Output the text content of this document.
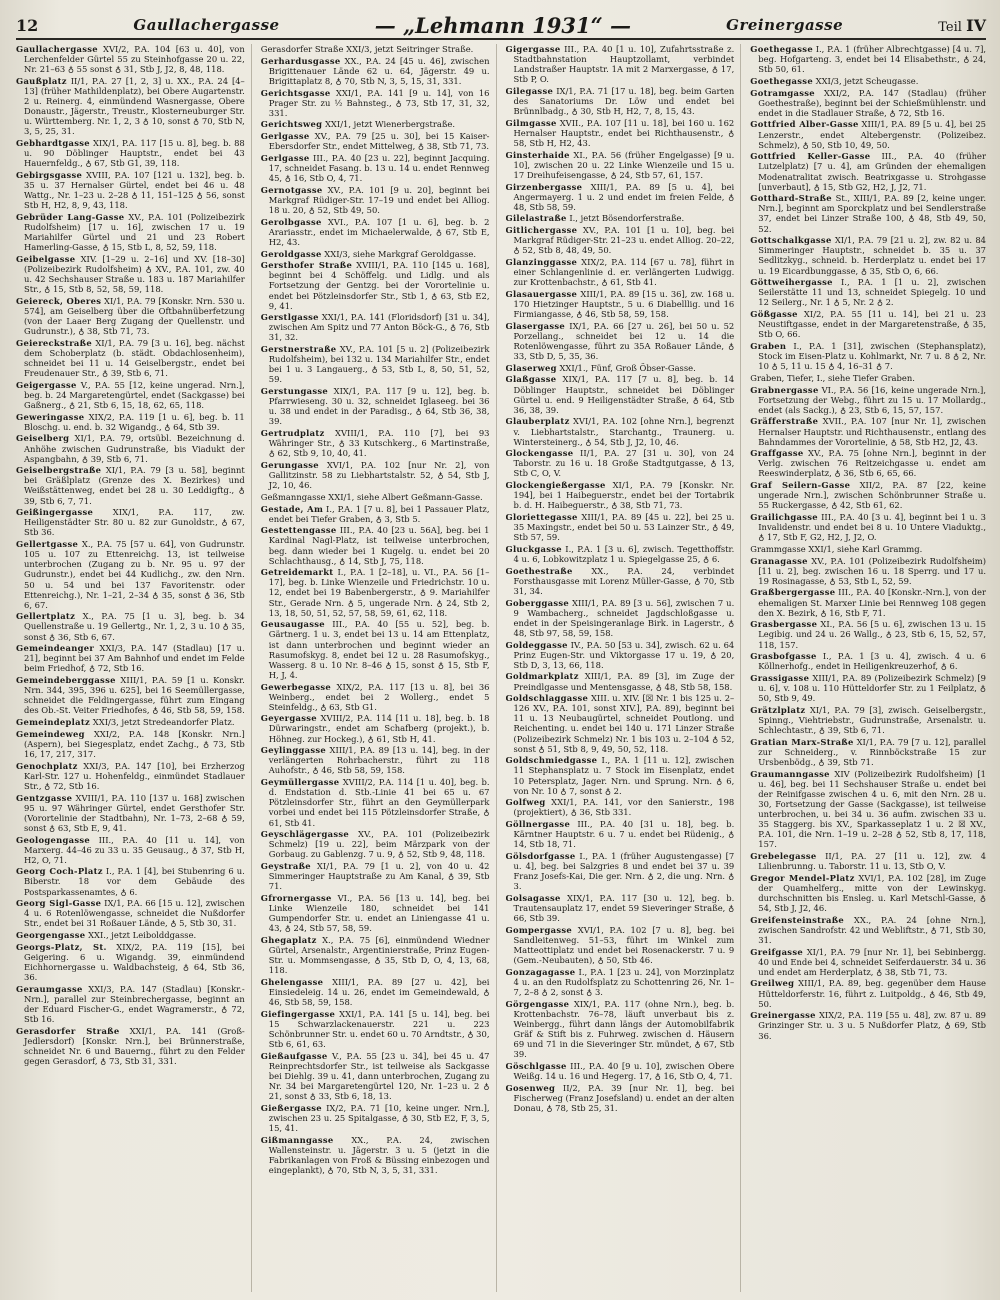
12	Gaullachergasse	— „Lehmann 1931“ —	Greinergasse	Teil IV

Gaullachergasse XVI/2, P.A. 104 [63 u. 40], von Lerchenfelder Gürtel 55 zu Steinhofgasse 20 u. 22, Nr. 21–63 ♁ 55 sonst ♁ 31, Stb J, J2, 8, 48, 118.

Gaußplatz II/1, P.A. 27 [1, 2, 3] u. XX., P.A. 24 [4–13] (früher Mathildenplatz), bei Obere Augartenstr. 2 u. Reinerg. 4, einmündend Wasnergasse, Obere Donaustr., Jägerstr., Treustr., Klosterneuburger Str. u. Württemberg. Nr. 1, 2, 3 ♁ 10, sonst ♁ 70, Stb N, 3, 5, 25, 31.

Gebhardtgasse XIX/1, P.A. 117 [15 u. 8], beg. b. 88 u. 90 Döblinger Hauptstr., endet bei 43 Hauernfeldg., ♁ 67, Stb G1, 39, 118.

Gebirgsgasse XVIII, P.A. 107 [121 u. 132], beg. b. 35 u. 37 Hernalser Gürtel, endet bei 46 u. 48 Wattg., Nr. 1–23 u. 2–28 ♁ 11, 151–125 ♁ 56, sonst Stb H, H2, 8, 9, 43, 118.

Gebrüder Lang-Gasse XV., P.A. 101 (Polizeibezirk Rudolfsheim) [17 u. 16], zwischen 17 u. 19 Mariahilfer Gürtel und 21 und 23 Robert Hamerling-Gasse, ♁ 15, Stb L, 8, 52, 59, 118.

Geibelgasse XIV. [1–29 u. 2–16] und XV. [18–30] (Polizeibezirk Rudolfsheim) ♁ XV., P.A. 101, zw. 40 u. 42 Sechshauser Straße u. 183 u. 187 Mariahilfer Str., ♁ 15, Stb 8, 52, 58, 59, 118.

Geiereck, Oberes XI/1, P.A. 79 [Konskr. Nrn. 530 u. 574], am Geiselberg über die Oftbahnüberfetzung (von der Laaer Berg Zugang der Quellenstr. und Gudrunstr.), ♁ 38, Stb 71, 73.

Geiereckstraße XI/1, P.A. 79 [3 u. 16], beg. nächst dem Schoberplatz (b. städt. Obdachlosenheim), schneidet bei 11 u. 14 Geiselbergstr., endet bei Freudenauer Str., ♁ 39, Stb 6, 71.

Geigergasse V., P.A. 55 [12, keine ungerad. Nrn.], beg. b. 24 Margaretengürtel, endet (Sackgasse) bei Gaßnerg., ♁ 21, Stb 6, 15, 18, 62, 65, 118.

Geweringasse XIX/2, P.A. 119 [1 u. 6], beg. b. 11 Bloschg. u. end. b. 32 Wigandg., ♁ 64, Stb 39.

Geiselberg XI/1, P.A. 79, ortsübl. Bezeichnung d. Anhöhe zwischen Gudrunstraße, bis Viadukt der Aspangbahn, ♁ 39, Stb 6, 71.

Geiselbergstraße XI/1, P.A. 79 [3 u. 58], beginnt bei Gräßlplatz (Grenze des X. Bezirkes) und Weißstättenweg, endet bei 28 u. 30 Leddigftg., ♁ 39, Stb 6, 7, 71.

Geißingergasse XIX/1, P.A. 117, zw. Heiligenstädter Str. 80 u. 82 zur Gunoldstr., ♁ 67, Stb 36.

Gellertgasse X., P.A. 75 [57 u. 64], von Gudrunstr. 105 u. 107 zu Ettenreichg. 13, ist teilweise unterbrochen (Zugang zu b. Nr. 95 u. 97 der Gudrunstr.), endet bei 44 Kudlichg., zw. den Nrn. 50 u. 54 und bei 137 Favoritenstr. oder Ettenreichg.), Nr. 1–21, 2–34 ♁ 35, sonst ♁ 36, Stb 6, 67.

Gellertplatz X., P.A. 75 [1 u. 3], beg. b. 34 Quellenstraße u. 19 Gellertg., Nr. 1, 2, 3 u. 10 ♁ 35, sonst ♁ 36, Stb 6, 67.

Gemeindeanger XXI/3, P.A. 147 (Stadlau) [17 u. 21], beginnt bei 37 Am Bahnhof und endet im Felde beim Friedhof, ♁ 72, Stb 16.

Gemeindeberggasse XIII/1, P.A. 59 [1 u. Konskr. Nrn. 344, 395, 396 u. 625], bei 16 Seemüllergasse, schneidet die Feldingergasse, führt zum Eingang des Ob.-St. Veiter Friedhofes, ♁ 46, Stb 58, 59, 158.

Gemeindeplatz XXI/3, jetzt Stredeandorfer Platz.

Gemeindeweg XXI/2, P.A. 148 [Konskr. Nrn.] (Aspern), bei Siegesplatz, endet Zachg., ♁ 73, Stb 16, 17, 217, 317.

Genochplatz XXI/3, P.A. 147 [10], bei Erzherzog Karl-Str. 127 u. Hohenfeldg., einmündet Stadlauer Str., ♁ 72, Stb 16.

Gentzgasse XVIII/1, P.A. 110 [137 u. 168] zwischen 95 u. 97 Währinger Gürtel, endet Gersthofer Str. (Vorortelinie der Stadtbahn), Nr. 1–73, 2–68 ♁ 59, sonst ♁ 63, Stb E, 9, 41.

Geologengasse III., P.A. 40 [11 u. 14], von Marxerg. 44–46 zu 33 u. 35 Geusaug., ♁ 37, Stb H, H2, O, 71.

Georg Coch-Platz I., P.A. 1 [4], bei Stubenring 6 u. Biberstr. 18 vor dem Gebäude des Postsparkassenamtes, ♁ 6.

Georg Sigl-Gasse IX/1, P.A. 66 [15 u. 12], zwischen 4 u. 6 Rotenlöwengasse, schneidet die Nußdorfer Str., endet bei 31 Roßauer Lände, ♁ 5, Stb 30, 31.

Georgengasse XXI., jetzt Leibolddgasse.

Georgs-Platz, St. XIX/2, P.A. 119 [15], bei Geigering. 6 u. Wigandg. 39, einmündend Eichhornergasse u. Waldbachsteig, ♁ 64, Stb 36, 36.

Geraumgasse XXI/3, P.A. 147 (Stadlau) [Konskr.-Nrn.], parallel zur Steinbrechergasse, beginnt an der Eduard Fischer-G., endet Wagramerstr., ♁ 72, Stb 16.

Gerasdorfer Straße XXI/1, P.A. 141 (Groß-Jedlersdorf) [Konskr. Nrn.], bei Brünnerstraße, schneidet Nr. 6 und Bauerng., führt zu den Felder gegen Gerasdorf, ♁ 73, Stb 31, 331.

Gerasdorfer Straße XXI/3, jetzt Seitringer Straße.

Gerhardusgasse XX., P.A. 24 [45 u. 46], zwischen Brigittenauer Lände 62 u. 64, Jägerstr. 49 u. Brigittaplatz 8, ♁ 70, Stb N, 3, 5, 15, 31, 331.

Gerichtsgasse XXI/1, P.A. 141 [9 u. 14], von 16 Prager Str. zu ½ Bahnsteg., ♁ 73, Stb 17, 31, 32, 331.

Gerichtsweg XXI/1, jetzt Wienerbergstraße.

Gerlgasse XV., P.A. 79 [25 u. 30], bei 15 Kaiser-Ebersdorfer Str., endet Mittelweg, ♁ 38, Stb 71, 73.

Gerlgasse III., P.A. 40 [23 u. 22], beginnt Jacquing. 17, schneidet Fasang. b. 13 u. 14 u. endet Rennweg 45, ♁ 16, Stb O, 4, 71.

Gernotgasse XV., P.A. 101 [9 u. 20], beginnt bei Markgraf Rüdiger-Str. 17–19 und endet bei Alliog. 18 u. 20, ♁ 52, Stb 49, 50.

Gerolbgasse XVI., P.A. 107 [1 u. 6], beg. b. 2 Arariasstr., endet im Michaelerwalde, ♁ 67, Stb E, H2, 43.

Geroldgasse XXI/3, siehe Markgraf Geroldgasse.

Gersthofer Straße XVIII/1, P.A. 110 [145 u. 168], beginnt bei 4 Schöffelg. und Lidlg. und als Fortsetzung der Gentzg. bei der Vorortelinie u. endet bei Pötzleinsdorfer Str., Stb 1, ♁ 63, Stb E2, 9, 41.

Gerstlgasse XXI/1, P.A. 141 (Floridsdorf) [31 u. 34], zwischen Am Spitz und 77 Anton Böck-G., ♁ 76, Stb 31, 32.

Gerstnerstraße XV., P.A. 101 [5 u. 2] (Polizeibezirk Rudolfsheim), bei 132 u. 134 Mariahilfer Str., endet bei 1 u. 3 Langauerg., ♁ 53, Stb L, 8, 50, 51, 52, 59.

Gerstungasse XIX/1, P.A. 117 [9 u. 12], beg. b. Pfarrwieseng. 30 u. 32, schneidet Iglaseeg. bei 36 u. 38 und endet in der Paradisg., ♁ 64, Stb 36, 38, 39.

Gertrudplatz XVIII/1, P.A. 110 [7], bei 93 Währinger Str., ♁ 33 Kutschkerg., 6 Martinstraße, ♁ 62, Stb 9, 10, 40, 41.

Gerungasse XVI/1, P.A. 102 [nur Nr. 2], von Gallitzinstr. 58 zu Liebhartstalstr. 52, ♁ 54, Stb J, J2, 10, 46.

Geßmanngasse XXI/1, siehe Albert Geßmann-Gasse.

Gestade, Am I., P.A. 1 [7 u. 8], bei 1 Passauer Platz, endet bei Tiefer Graben, ♁ 3, Stb 5.

Gestettengasse III., P.A. 40 [23 u. 56A], beg. bei 1 Kardinal Nagl-Platz, ist teilweise unterbrochen, beg. dann wieder bei 1 Kugelg. u. endet bei 20 Schlachthausg., ♁ 14, Stb J, 75, 118.

Getreidemarkt I., P.A. 1 [2–18], u. VI., P.A. 56 [1–17], beg. b. Linke Wienzeile und Friedrichstr. 10 u. 12, endet bei 19 Babenbergerstr., ♁ 9. Mariahilfer Str., Gerade Nrn. ♁ 5, ungerade Nrn. ♁ 24, Stb 2, 13, 18, 50, 51, 52, 57, 58, 59, 61, 62, 118.

Geusaugasse III., P.A. 40 [55 u. 52], beg. b. Gärtnerg. 1 u. 3, endet bei 13 u. 14 am Ettenplatz, ist dann unterbrochen und beginnt wieder an Rasumofskyg. 8, endet bei 12 u. 28 Rasumofskyg., Wasserg. 8 u. 10 Nr. 8–46 ♁ 15, sonst ♁ 15, Stb F, H, J, 4.

Gewerbegasse XIX/2, P.A. 117 [13 u. 8], bei 36 Weinberg., endet bei 2 Wollerg., endet 5 Steinfeldg., ♁ 63, Stb G1.

Geyergasse XVIII/2, P.A. 114 [11 u. 18], beg. b. 18 Dürwaringstr., endet am Schafberg (projekt.), b. Höhneg. zur Hockeg.), ♁ 61, Stb H, 41.

Geylinggasse XIII/1, P.A. 89 [13 u. 14], beg. in der verlängerten Rohrbacherstr., führt zu 118 Auhofstr., ♁ 46, Stb 58, 59, 158.

Geymüllergasse XVIII/2, P.A. 114 [1 u. 40], beg. b. d. Endstation d. Stb.-Linie 41 bei 65 u. 67 Pötzleinsdorfer Str., führt an den Geymüllerpark vorbei und endet bei 115 Pötzleinsdorfer Straße, ♁ 61, Stb 41.

Geyschlägergasse XV., P.A. 101 (Polizeibezirk Schmelz) [19 u. 22], beim Märzpark von der Gorbaug. zu Gablenzg. 7 u. 9, ♁ 52, Stb 9, 48, 118.

Geystraße XI/1, P.A. 79 [1 u. 2], von 40 u. 42 Simmeringer Hauptstraße zu Am Kanal, ♁ 39, Stb 71.

Gfrornergasse VI., P.A. 56 [13 u. 14], beg. bei Linke Wienzeile 180, schneidet bei 141 Gumpendorfer Str. u. endet an Liniengasse 41 u. 43, ♁ 24, Stb 57, 58, 59.

Ghegaplatz X., P.A. 75 [6], einmündend Wiedner Gürtel, Arsenalstr., Argentinierstraße, Prinz Eugen-Str. u. Mommsengasse, ♁ 35, Stb D, O, 4, 13, 68, 118.

Ghelengasse XIII/1, P.A. 89 [27 u. 42], bei Einsiedeleig. 14 u. 26, endet im Gemeindewald, ♁ 46, Stb 58, 59, 158.

Giefingergasse XXI/1, P.A. 141 [5 u. 14], beg. bei 15 Schwarzlackenauerstr. 221 u. 223 Schönbrunner Str. u. endet 60 u. 70 Arndtstr., ♁ 30, Stb 6, 61, 63.

Gießaufgasse V., P.A. 55 [23 u. 34], bei 45 u. 47 Reinprechtsdorfer Str., ist teilweise als Sackgasse bei Diehlg. 39 u. 41, dann unterbrochen, Zugang zu Nr. 34 bei Margaretengürtel 120, Nr. 1–23 u. 2 ♁ 21, sonst ♁ 33, Stb 6, 18, 13.

Gießergasse IX/2, P.A. 71 [10, keine unger. Nrn.], zwischen 23 u. 25 Spitalgasse, ♁ 30, Stb E2, F, 3, 5, 15, 41.

Gißmanngasse XX., P.A. 24, zwischen Wallensteinstr. u. Jägerstr. 3 u. 5 (jetzt in die Fabrikanlagen von Froß & Büssing einbezogen und eingeplankt), ♁ 70, Stb N, 3, 5, 31, 331.

Gigergasse III., P.A. 40 [1 u. 10], Zufahrtsstraße z. Stadtbahnstation Hauptzollamt, verbindet Landstraßer Hauptstr. 1A mit 2 Marxergasse, ♁ 17, Stb P, O.

Gilegasse IX/1, P.A. 71 [17 u. 18], beg. beim Garten des Sanatoriums Dr. Löw und endet bei Brünnlbadg., ♁ 30, Stb H, H2, 7, 8, 15, 43.

Gilmgasse XVII., P.A. 107 [11 u. 18], bei 160 u. 162 Hernalser Hauptstr., endet bei Richthausenstr., ♁ 58, Stb H, H2, 43.

Ginsterhaide XI., P.A. 56 (früher Engelgasse) [9 u. 10], zwischen 20 u. 22 Linke Wienzeile und 15 u. 17 Dreihufeisengasse, ♁ 24, Stb 57, 61, 157.

Girzenbergasse XIII/1, P.A. 89 [5 u. 4], bei Angermayerg. 1 u. 2 und endet im freien Felde, ♁ 48, Stb 58, 59.

Gilelastraße I., jetzt Bösendorferstraße.

Gitlichergasse XV., P.A. 101 [1 u. 10], beg. bei Markgraf Rüdiger-Str. 21–23 u. endet Alliog. 20–22, ♁ 52, Stb 8, 48, 49, 50.

Glanzinggasse XIX/2, P.A. 114 [67 u. 78], führt in einer Schlangenlinie d. er. verlängerten Ludwigg. zur Krottenbachstr., ♁ 61, Stb 41.

Glasauergasse XIII/1, P.A. 89 [15 u. 36], zw. 168 u. 170 Hietzinger Hauptstr., 5 u. 6 Diabelllig. und 16 Firmiangasse, ♁ 46, Stb 58, 59, 158.

Glasergasse IX/1, P.A. 66 [27 u. 26], bei 50 u. 52 Porzellang., schneidet bei 12 u. 14 die Rotenlöwengasse, führt zu 35A Roßauer Lände, ♁ 33, Stb D, 5, 35, 36.

Glaserweg XXI/1., Fünf, Groß Öbser-Gasse.

Glaßgasse XIX/1, P.A. 117 [7 u. 8], beg. b. 14 Döblinger Hauptstr., schneidet bei Döblinger Gürtel u. end. 9 Heiligenstädter Straße, ♁ 64, Stb 36, 38, 39.

Glauberplatz XVI/1, P.A. 102 [ohne Nrn.], begrenzt v. Liebhartstalstr., Starchantg., Traunerg. u. Wintersteinerg., ♁ 54, Stb J, J2, 10, 46.

Glockengasse II/1, P.A. 27 [31 u. 30], von 24 Taborstr. zu 16 u. 18 Große Stadtgutgasse, ♁ 13, Stb C, O, V.

Glockengießergasse XI/1, P.A. 79 [Konskr. Nr. 194], bei 1 Haibeguerstr., endet bei der Tortabrik b. d. H. Haibeguerstr., ♁ 38, Stb 71, 73.

Gloriettegasse XIII/1, P.A. 89 [45 u. 22], bei 25 u. 35 Maxingstr., endet bei 50 u. 53 Lainzer Str., ♁ 49, Stb 57, 59.

Gluckgasse I., P.A. 1 [3 u. 6], zwisch. Tegetthoffstr. 4 u. 6, Lobkowitzplatz 1 u. Spiegelgasse 25, ♁ 6.

Goethestraße XX., P.A. 24, verbindet Forsthausgasse mit Lorenz Müller-Gasse, ♁ 70, Stb 31, 34.

Goberggasse XIII/1, P.A. 89 [3 u. 56], zwischen 7 u. 9 Wambacherg., schneidet Jagdschloßgasse u. endet in der Speisingeranlage Birk. in Lagerstr., ♁ 48, Stb 97, 58, 59, 158.

Goldeggasse IV., P.A. 50 [53 u. 34], zwisch. 62 u. 64 Prinz Eugen-Str. und Viktorgasse 17 u. 19, ♁ 20, Stb D, 3, 13, 66, 118.

Goldmarkplatz XIII/1, P.A. 89 [3], im Zuge der Preindlgasse und Mentensgasse, ♁ 48, Stb 58, 158.

Goldschlaggasse XIII. u. XIV. [☒ Nr. 1 bis 125 u. 2–126 XV., P.A. 101, sonst XIV.], P.A. 89), beginnt bei 11 u. 13 Neubaugürtel, schneidet Poutlong. und Reichenting. u. endet bei 140 u. 171 Linzer Straße (Polizeibezirk Schmelz) Nr. 1 bis 103 u. 2–104 ♁ 52, sonst ♁ 51, Stb 8, 9, 49, 50, 52, 118.

Goldschmiedgasse I., P.A. 1 [11 u. 12], zwischen 11 Stephansplatz u. 7 Stock im Eisenplatz, endet 10 Petersplatz, Jager. Nrn. und Sprung. Nrn. ♁ 6, von Nr. 10 ♁ 7, sonst ♁ 2.

Golfweg XXI/1, P.A. 141, vor den Sanierstr., 198 (projektiert), ♁ 36, Stb 331.

Göllnergasse III., P.A. 40 [31 u. 18], beg. b. Kärntner Hauptstr. 6 u. 7 u. endet bei Rüdenig., ♁ 14, Stb 18, 71.

Gölsdorfgasse I., P.A. 1 (früher Augustengasse) [7 u. 4], beg. bei Salzgries 8 und endet bei 37 u. 39 Franz Josefs-Kai, Die ger. Nrn. ♁ 2, die ung. Nrn. ♁ 3.

Golsagasse XIX/1, P.A. 117 [30 u. 12], beg. b. Trautensauplatz 17, endet 59 Sieveringer Straße, ♁ 66, Stb 39.

Gompergasse XVI/1, P.A. 102 [7 u. 8], beg. bei Sandleitenweg. 51–53, führt im Winkel zum Matteottiplatz und endet bei Rosenackerstr. 7 u. 9 (Gem.-Neubauten), ♁ 50, Stb 46.

Gonzagagasse I., P.A. 1 [23 u. 24], von Morzinplatz 4 u. an den Rudolfsplatz zu Schottenring 26, Nr. 1–7, 2–8 ♁ 2, sonst ♁ 3.

Görgengasse XIX/1, P.A. 117 (ohne Nrn.), beg. b. Krottenbachstr. 76–78, läuft unverbaut bis z. Weinbergg., führt dann längs der Automobilfabrik Gräf & Stift bis z. Fuhrweg. zwischen d. Häusern 69 und 71 in die Sieveringer Str. mündet, ♁ 67, Stb 39.

Göschlgasse III., P.A. 40 [9 u. 10], zwischen Obere Weißg. 14 u. 16 und Hegerg. 17, ♁ 16, Stb O, 4, 71.

Gosenweg II/2, P.A. 39 [nur Nr. 1], beg. bei Fischerweg (Franz Josefsland) u. endet an der alten Donau, ♁ 78, Stb 25, 31.

Goethegasse I., P.A. 1 (früher Albrechtgasse) [4 u. 7], beg. Hofgarteng. 3, endet bei 14 Elisabethstr., ♁ 24, Stb 50, 61.

Goethegasse XXI/3, jetzt Scheugasse.

Gotramgasse XXI/2, P.A. 147 (Stadlau) (früher Goethestraße), beginnt bei der Schießmühlenstr. und endet in die Stadlauer Straße, ♁ 72, Stb 16.

Gottfried Alber-Gasse XIII/1, P.A. 89 [5 u. 4], bei 25 Lenzerstr., endet Altebergenstr. (Polizeibez. Schmelz), ♁ 50, Stb 10, 49, 50.

Gottfried Keller-Gasse III., P.A. 40 (früher Lutzelplatz) [7 u. 4], am Gründen der ehemaligen Modenatralitat zwisch. Beatrixgasse u. Strohgasse [unverbaut], ♁ 15, Stb G2, H2, J, J2, 71.

Gotthard-Straße St., XIII/1, P.A. 89 [2, keine unger. Nrn.], beginnt am Sporckplatz und bei Sendlerstraße 37, endet bei Linzer Straße 100, ♁ 48, Stb 49, 50, 52.

Gottschalkgasse XI/1, P.A. 79 [21 u. 2], zw. 82 u. 84 Simmeringer Hauptstr., schneidet b. 35 u. 37 Sedlitzkyg., schneid. b. Herderplatz u. endet bei 17 u. 19 Eicardbunggasse, ♁ 35, Stb O, 6, 66.

Göttweihergasse I., P.A. 1 [1 u. 2], zwischen Seilerstätte 11 und 13, schneidet Spiegelg. 10 und 12 Seilerg., Nr. 1 ♁ 5, Nr. 2 ♁ 2.

Gößgasse XI/2, P.A. 55 [11 u. 14], bei 21 u. 23 Neustiftgasse, endet in der Margaretenstraße, ♁ 35, Stb O, 66.

Graben I., P.A. 1 [31], zwischen (Stephansplatz), Stock im Eisen-Platz u. Kohlmarkt, Nr. 7 u. 8 ♁ 2, Nr. 10 ♁ 5, 11 u. 15 ♁ 4, 16–31 ♁ 7.

Graben, Tiefer, I., siehe Tiefer Graben.

Grabnergasse VI., P.A. 56 [16, keine ungerade Nrn.], Fortsetzung der Webg., führt zu 15 u. 17 Mollardg., endet (als Sackg.), ♁ 23, Stb 6, 15, 57, 157.

Gräfferstraße XVII., P.A. 107 [nur Nr. 1], zwischen Hernalser Hauptstr. und Richthausenstr., entlang des Bahndammes der Vorortelinie, ♁ 58, Stb H2, J2, 43.

Graffgasse XV., P.A. 75 [ohne Nrn.], beginnt in der Verlg. zwischen 76 Reitzeichgasse u. endet am Reeswinderplatz, ♁ 36, Stb 6, 65, 66.

Graf Seilern-Gasse XII/2, P.A. 87 [22, keine ungerade Nrn.], zwischen Schönbrunner Straße u. 55 Ruckergasse, ♁ 42, Stb 61, 62.

Grailichgasse III., P.A. 40 [3 u. 4], beginnt bei 1 u. 3 Invalidenstr. und endet bei 8 u. 10 Untere Viaduktg., ♁ 17, Stb F, G2, H2, J, J2, O.

Grammgasse XXI/1, siehe Karl Grammg.

Granagasse XV., P.A. 101 (Polizeibezirk Rudolfsheim) [11 u. 2], beg. zwischen 16 u. 18 Sperrg. und 17 u. 19 Rosinagasse, ♁ 53, Stb L, 52, 59.

Graßbergergasse III., P.A. 40 [Konskr.-Nrn.], von der ehemaligen St. Marxer Linie bei Rennweg 108 gegen den X. Bezirk, ♁ 16, Stb F, 71.

Grasbergasse XI., P.A. 56 [5 u. 6], zwischen 13 u. 15 Legibig. und 24 u. 26 Wallg., ♁ 23, Stb 6, 15, 52, 57, 118, 157.

Grasbofgasse I., P.A. 1 [3 u. 4], zwisch. 4 u. 6 Köllnerhofg., endet in Heiligenkreuzerhof, ♁ 6.

Grassigasse XIII/1, P.A. 89 (Polizeibezirk Schmelz) [9 u. 6], v. 108 u. 110 Hütteldorfer Str. zu 1 Feilplatz, ♁ 50, Stb 9, 49.

Grätzlplatz XI/1, P.A. 79 [3], zwisch. Geiselbergstr., Spinng., Viehtriebstr., Gudrunstraße, Arsenalstr. u. Schlechtastr., ♁ 39, Stb 6, 71.

Gratian Marx-Straße XI/1, P.A. 79 [7 u. 12], parallel zur Schneiderg., v. Rinnböckstraße 15 zur Ursbenbödg., ♁ 39, Stb 71.

Graumanngasse XIV (Polizeibezirk Rudolfsheim) [1 u. 46], beg. bei 11 Sechshauser Straße u. endet bei der Reinifgasse zwischen 4 u. 6, mit den Nrn. 28 u. 30, Fortsetzung der Gasse (Sackgasse), ist teilweise unterbrochen, u. bei 34 u. 36 aufm. zwischen 33 u. 35 Staggerg. bis XV., Sparkasseplatz 1 u. 2 ☒ XV., P.A. 101, die Nrn. 1–19 u. 2–28 ♁ 52, Stb 8, 17, 118, 157.

Grebelegasse II/1, P.A. 27 [11 u. 12], zw. 4 Lilienbrunng. u. Taborstr. 11 u. 13, Stb O, V.

Gregor Mendel-Platz XVI/1, P.A. 102 [28], im Zuge der Quamhelferg., mitte von der Lewinskyg. durchschnitten bis Ensleg. u. Karl Metschl-Gasse, ♁ 54, Stb J, J2, 46.

Greifensteinstraße XX., P.A. 24 [ohne Nrn.], zwischen Sandrofstr. 42 und Webliftstr., ♁ 71, Stb 30, 31.

Greifgasse XI/1, P.A. 79 [nur Nr. 1], bei Sebinbergg. 40 und Ende bei 4, schneidet Seiferdauerstr. 34 u. 36 und endet am Herderplatz, ♁ 38, Stb 71, 73.

Greilweg XIII/1, P.A. 89, beg. gegenüber dem Hause Hütteldorferstr. 16, führt z. Luitpoldg., ♁ 46, Stb 49, 50.

Greinergasse XIX/2, P.A. 119 [55 u. 48], zw. 87 u. 89 Grinzinger Str. u. 3 u. 5 Nußdorfer Platz, ♁ 69, Stb 36.
